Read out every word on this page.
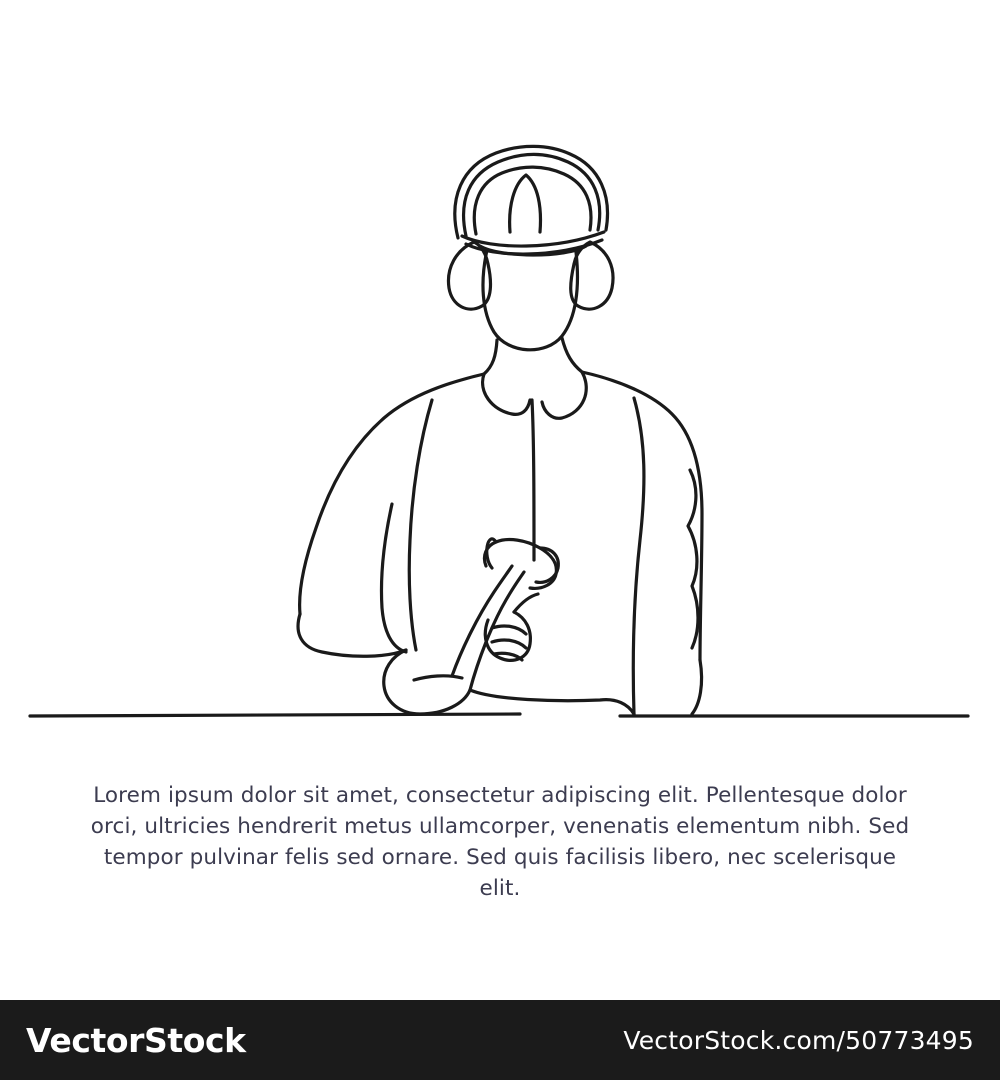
Lorem ipsum dolor sit amet, consectetur adipiscing elit. Pellentesque dolor orci, ultricies hendrerit metus ullamcorper, venenatis elementum nibh. Sed tempor pulvinar felis sed ornare. Sed quis facilisis libero, nec scelerisque elit.
VectorStock	VectorStock.com/50773495
